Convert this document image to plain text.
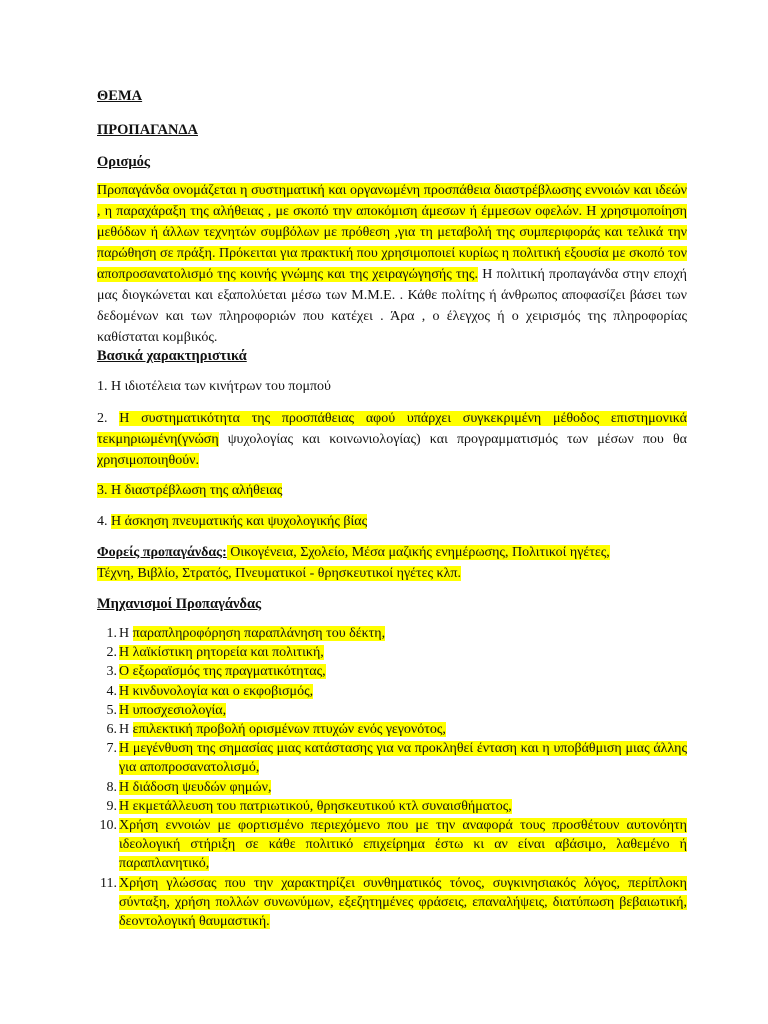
ΘΕΜΑ
ΠΡΟΠΑΓΑΝΔΑ
Ορισμός

Προπαγάνδα ονομάζεται η συστηματική και οργανωμένη προσπάθεια διαστρέβλωσης εννοιών και ιδεών , η παραχάραξη της αλήθειας , με σκοπό την αποκόμιση άμεσων ή έμμεσων οφελών. Η χρησιμοποίηση μεθόδων ή άλλων τεχνητών συμβόλων με πρόθεση ,για τη μεταβολή της συμπεριφοράς και τελικά την παρώθηση σε πράξη. Πρόκειται για πρακτική που χρησιμοποιεί κυρίως η πολιτική εξουσία με σκοπό τον αποπροσανατολισμό της κοινής γνώμης και της χειραγώγησής της. Η πολιτική προπαγάνδα στην εποχή μας διογκώνεται και εξαπολύεται μέσω των Μ.Μ.Ε. . Κάθε πολίτης ή άνθρωπος αποφασίζει βάσει των δεδομένων και των πληροφοριών που κατέχει . Άρα , ο έλεγχος ή ο χειρισμός της πληροφορίας καθίσταται κομβικός.

Βασικά χαρακτηριστικά
1. Η ιδιοτέλεια των κινήτρων του πομπού

2. Η συστηματικότητα της προσπάθειας αφού υπάρχει συγκεκριμένη μέθοδος επιστημονικά τεκμηριωμένη(γνώση ψυχολογίας και κοινωνιολογίας) και προγραμματισμός των μέσων που θα χρησιμοποιηθούν.

3. Η διαστρέβλωση της αλήθειας
4. Η άσκηση πνευματικής και ψυχολογικής βίας
Φορείς προπαγάνδας: Οικογένεια, Σχολείο, Μέσα μαζικής ενημέρωσης, Πολιτικοί ηγέτες,
Τέχνη, Βιβλίο, Στρατός, Πνευματικοί - θρησκευτικοί ηγέτες κλπ.
Μηχανισμοί Προπαγάνδας
1. Η παραπληροφόρηση παραπλάνηση του δέκτη,
2. Η λαϊκίστικη ρητορεία και πολιτική,
3. Ο εξωραϊσμός της πραγματικότητας,
4. Η κινδυνολογία και ο εκφοβισμός,
5. Η υποσχεσιολογία,
6. Η επιλεκτική προβολή ορισμένων πτυχών ενός γεγονότος,
7. Η μεγένθυση της σημασίας μιας κατάστασης για να προκληθεί ένταση και η υποβάθμιση μιας άλλης για αποπροσανατολισμό,
8. Η διάδοση ψευδών φημών,
9. Η εκμετάλλευση του πατριωτικού, θρησκευτικού κτλ συναισθήματος,
10. Χρήση εννοιών με φορτισμένο περιεχόμενο που με την αναφορά τους προσθέτουν αυτονόητη ιδεολογική στήριξη σε κάθε πολιτικό επιχείρημα έστω κι αν είναι αβάσιμο, λαθεμένο ή παραπλανητικό,
11. Χρήση γλώσσας που την χαρακτηρίζει συνθηματικός τόνος, συγκινησιακός λόγος, περίπλοκη σύνταξη, χρήση πολλών συνωνύμων, εξεζητημένες φράσεις, επαναλήψεις, διατύπωση βεβαιωτική, δεοντολογική θαυμαστική.
